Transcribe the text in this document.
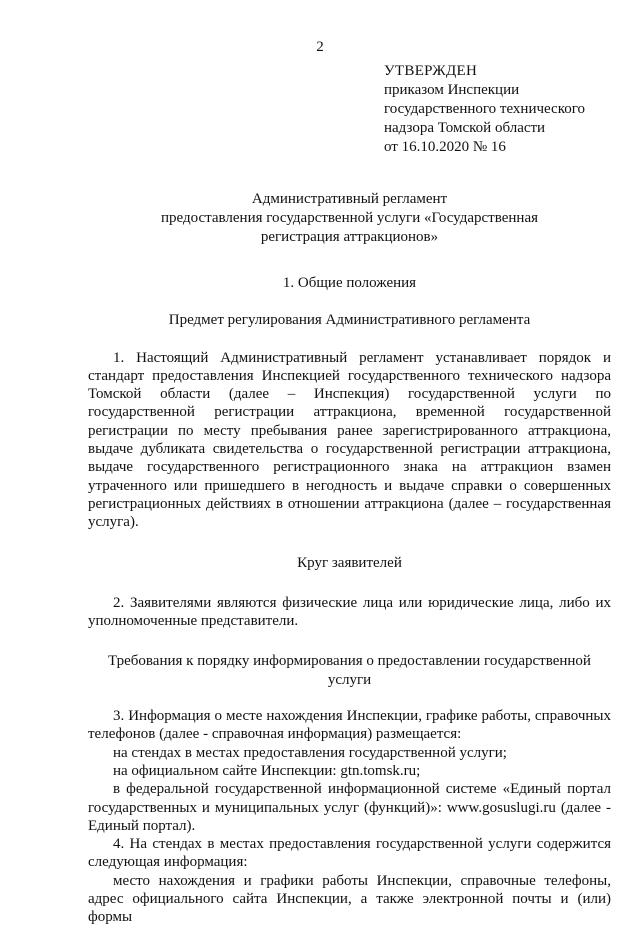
2
УТВЕРЖДЕН
приказом Инспекции
государственного технического
надзора Томской области
от 16.10.2020 № 16
Административный регламент
предоставления государственной услуги «Государственная
регистрация аттракционов»
1. Общие положения
Предмет регулирования Административного регламента

1. Настоящий Административный регламент устанавливает порядок и стандарт предоставления Инспекцией государственного технического надзора Томской области (далее – Инспекция) государственной услуги по государственной регистрации аттракциона, временной государственной регистрации по месту пребывания ранее зарегистрированного аттракциона, выдаче дубликата свидетельства о государственной регистрации аттракциона, выдаче государственного регистрационного знака на аттракцион взамен утраченного или пришедшего в негодность и выдаче справки о совершенных регистрационных действиях в отношении аттракциона (далее – государственная услуга).

Круг заявителей

2. Заявителями являются физические лица или юридические лица, либо их уполномоченные представители.

Требования к порядку информирования о предоставлении государственной
услуги

3. Информация о месте нахождения Инспекции, графике работы, справочных телефонов (далее - справочная информация) размещается:

на стендах в местах предоставления государственной услуги;

на официальном сайте Инспекции: gtn.tomsk.ru;

в федеральной государственной информационной системе «Единый портал государственных и муниципальных услуг (функций)»: www.gosuslugi.ru (далее - Единый портал).

4. На стендах в местах предоставления государственной услуги содержится следующая информация:

место нахождения и графики работы Инспекции, справочные телефоны, адрес официального сайта Инспекции, а также электронной почты и (или) формы
